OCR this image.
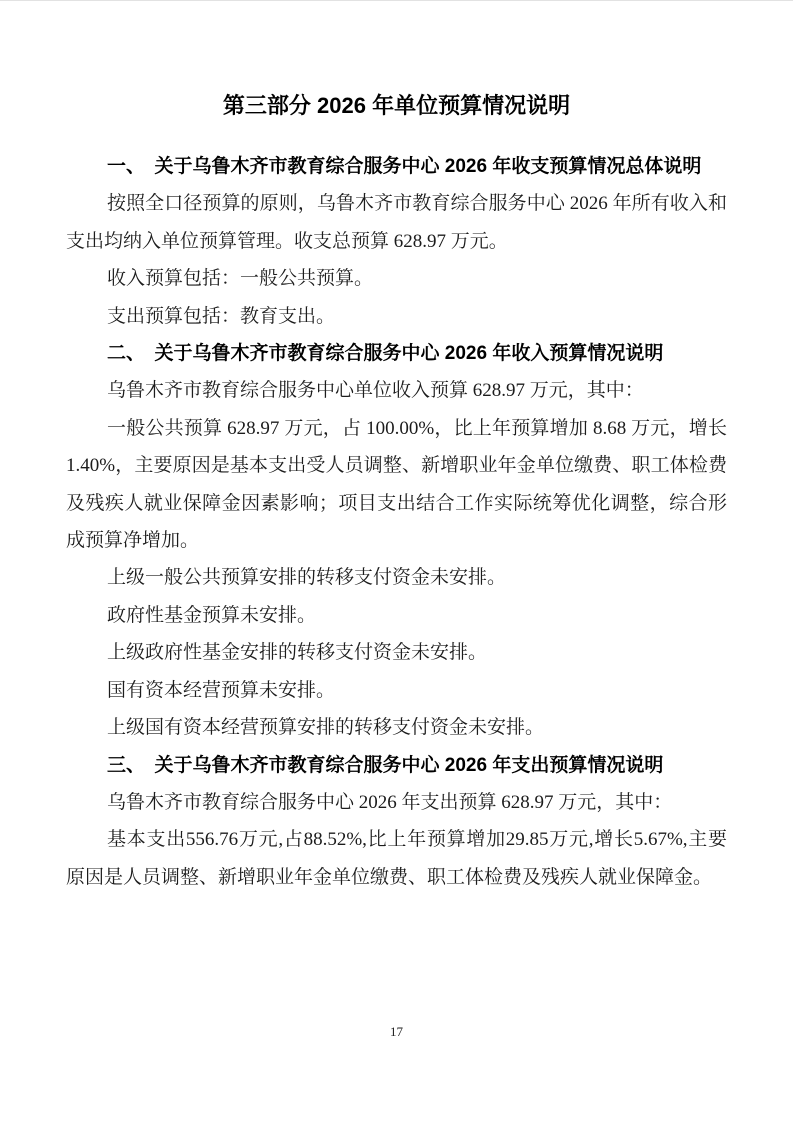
第三部分 2026 年单位预算情况说明
一、　关于乌鲁木齐市教育综合服务中心 2026 年收支预算情况总体说明
按照全口径预算的原则，乌鲁木齐市教育综合服务中心 2026 年所有收入和支出均纳入单位预算管理。收支总预算 628.97 万元。
收入预算包括：一般公共预算。
支出预算包括：教育支出。
二、　关于乌鲁木齐市教育综合服务中心 2026 年收入预算情况说明
乌鲁木齐市教育综合服务中心单位收入预算 628.97 万元，其中：
一般公共预算 628.97 万元，占 100.00%，比上年预算增加 8.68 万元，增长 1.40%，主要原因是基本支出受人员调整、新增职业年金单位缴费、职工体检费及残疾人就业保障金因素影响；项目支出结合工作实际统筹优化调整，综合形成预算净增加。
上级一般公共预算安排的转移支付资金未安排。
政府性基金预算未安排。
上级政府性基金安排的转移支付资金未安排。
国有资本经营预算未安排。
上级国有资本经营预算安排的转移支付资金未安排。
三、　关于乌鲁木齐市教育综合服务中心 2026 年支出预算情况说明
乌鲁木齐市教育综合服务中心 2026 年支出预算 628.97 万元，其中：
基本支出556.76万元,占88.52%,比上年预算增加29.85万元,增长5.67%,主要原因是人员调整、新增职业年金单位缴费、职工体检费及残疾人就业保障金。
17
